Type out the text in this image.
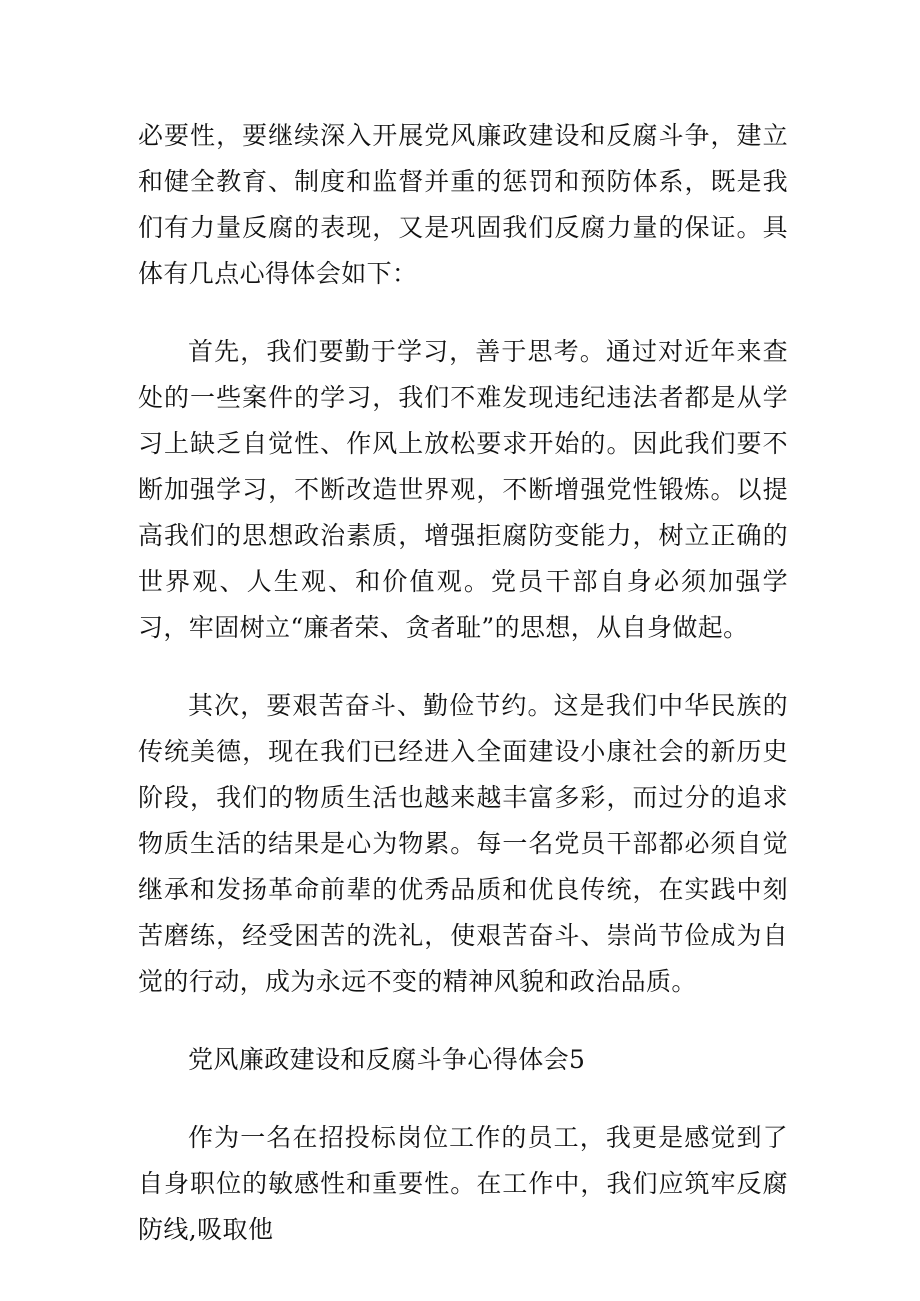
必要性，要继续深入开展党风廉政建设和反腐斗争，建立和健全教育、制度和监督并重的惩罚和预防体系，既是我们有力量反腐的表现，又是巩固我们反腐力量的保证。具体有几点心得体会如下：

首先，我们要勤于学习，善于思考。通过对近年来查处的一些案件的学习，我们不难发现违纪违法者都是从学习上缺乏自觉性、作风上放松要求开始的。因此我们要不断加强学习，不断改造世界观，不断增强党性锻炼。以提高我们的思想政治素质，增强拒腐防变能力，树立正确的世界观、人生观、和价值观。党员干部自身必须加强学习，牢固树立“廉者荣、贪者耻”的思想，从自身做起。

其次，要艰苦奋斗、勤俭节约。这是我们中华民族的传统美德，现在我们已经进入全面建设小康社会的新历史阶段，我们的物质生活也越来越丰富多彩，而过分的追求物质生活的结果是心为物累。每一名党员干部都必须自觉继承和发扬革命前辈的优秀品质和优良传统，在实践中刻苦磨练，经受困苦的洗礼，使艰苦奋斗、崇尚节俭成为自觉的行动，成为永远不变的精神风貌和政治品质。

党风廉政建设和反腐斗争心得体会5

作为一名在招投标岗位工作的员工，我更是感觉到了自身职位的敏感性和重要性。在工作中，我们应筑牢反腐防线,吸取他
